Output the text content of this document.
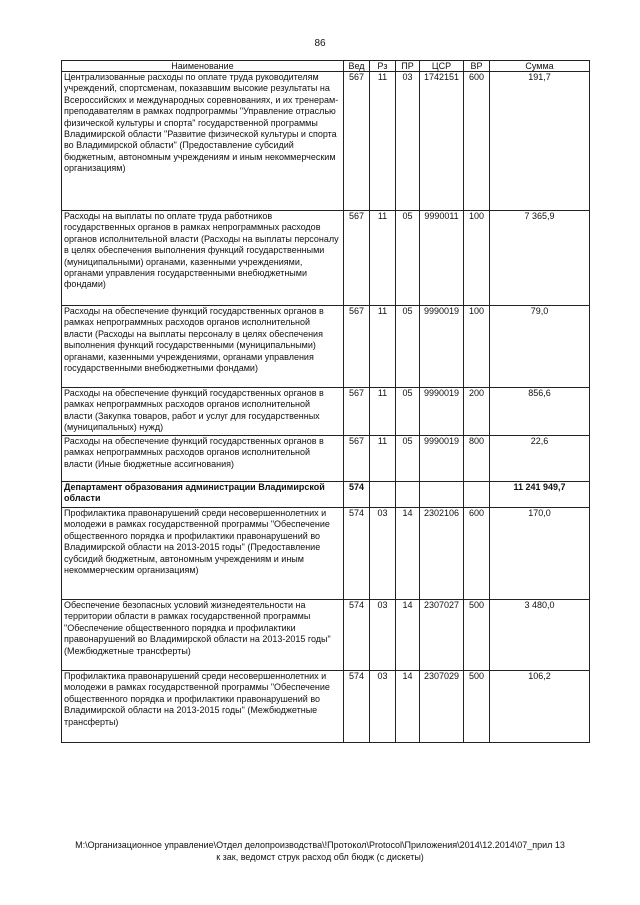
86
Наименование	Вед	Рз	ПР	ЦСР	ВР	Сумма
Централизованные расходы по оплате труда руководителям учреждений, спортсменам, показавшим высокие результаты на Всероссийских и международных соревнованиях, и их тренерам-преподавателям в рамках подпрограммы "Управление отраслью физической культуры и спорта" государственной программы Владимирской области "Развитие физической культуры и спорта во Владимирской области" (Предоставление субсидий бюджетным, автономным учреждениям и иным некоммерческим организациям)	567	11	03	1742151	600	191,7
Расходы на выплаты по оплате труда работников государственных органов в рамках непрограммных расходов органов исполнительной власти (Расходы на выплаты персоналу в целях обеспечения выполнения функций государственными (муниципальными) органами, казенными учреждениями, органами управления государственными внебюджетными фондами)	567	11	05	9990011	100	7 365,9
Расходы на обеспечение функций государственных органов в рамках непрограммных расходов органов исполнительной власти (Расходы на выплаты персоналу в целях обеспечения выполнения функций государственными (муниципальными) органами, казенными учреждениями, органами управления государственными внебюджетными фондами)	567	11	05	9990019	100	79,0
Расходы на обеспечение функций государственных органов в рамках непрограммных расходов органов исполнительной власти (Закупка товаров, работ и услуг для государственных (муниципальных) нужд)	567	11	05	9990019	200	856,6
Расходы на обеспечение функций государственных органов в рамках непрограммных расходов органов исполнительной власти (Иные бюджетные ассигнования)	567	11	05	9990019	800	22,6
Департамент образования администрации Владимирской области	574					11 241 949,7
Профилактика правонарушений среди несовершеннолетних и молодежи в рамках государственной программы "Обеспечение общественного порядка и профилактики правонарушений во Владимирской области на 2013-2015 годы" (Предоставление субсидий бюджетным, автономным учреждениям и иным некоммерческим организациям)	574	03	14	2302106	600	170,0
Обеспечение безопасных условий жизнедеятельности на территории области в рамках государственной программы "Обеспечение общественного порядка и профилактики правонарушений во Владимирской области на 2013-2015 годы" (Межбюджетные трансферты)	574	03	14	2307027	500	3 480,0
Профилактика правонарушений среди несовершеннолетних и молодежи в рамках государственной программы "Обеспечение общественного порядка и профилактики правонарушений во Владимирской области на 2013-2015 годы" (Межбюджетные трансферты)	574	03	14	2307029	500	106,2
M:\Организационное управление\Отдел делопроизводства\!Протокол\Protocol\Приложения\2014\12.2014\07_прил 13
к зак, ведомст струк расход обл бюдж (с дискеты)
